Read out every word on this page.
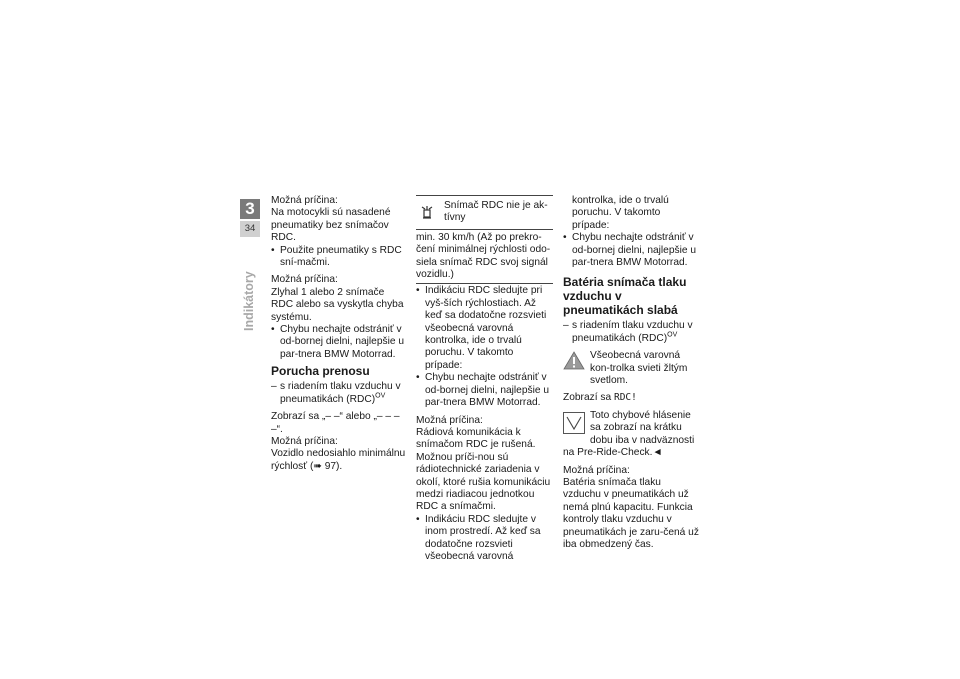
3
34
Indikátory

Možná príčina:

Na motocykli sú nasadené pneumatiky bez snímačov RDC.

• Použite pneumatiky s RDC sní-mačmi.

Možná príčina:

Zlyhal 1 alebo 2 snímače RDC alebo sa vyskytla chyba systému.

• Chybu nechajte odstrániť v od-bornej dielni, najlepšie u par-tnera BMW Motorrad.
Porucha prenosu
– s riadením tlaku vzduchu v pneumatikách (RDC)$^{OV}$

Zobrazí sa „– –“ alebo „– – – –“.

Možná príčina:

Vozidlo nedosiahlo minimálnu rýchlosť (➠ 97).

Snímač RDC nie je ak-tívny
min. 30 km/h (Až po prekro-čení minimálnej rýchlosti odo-siela snímač RDC svoj signál vozidlu.)
• Indikáciu RDC sledujte pri vyš-ších rýchlostiach. Až keď sa dodatočne rozsvieti všeobecná varovná kontrolka, ide o trvalú poruchu. V takomto prípade:
• Chybu nechajte odstrániť v od-bornej dielni, najlepšie u par-tnera BMW Motorrad.

Možná príčina:

Rádiová komunikácia k snímačom RDC je rušená. Možnou príči-nou sú rádiotechnické zariadenia v okolí, ktoré rušia komunikáciu medzi riadiacou jednotkou RDC a snímačmi.

• Indikáciu RDC sledujte v inom prostredí. Až keď sa dodatočne rozsvieti všeobecná varovná

kontrolka, ide o trvalú poruchu. V takomto prípade:

• Chybu nechajte odstrániť v od-bornej dielni, najlepšie u par-tnera BMW Motorrad.
Batéria snímača tlaku vzduchu v pneumatikách slabá
– s riadením tlaku vzduchu v pneumatikách (RDC)$^{OV}$
Všeobecná varovná kon-trolka svieti žltým svetlom.

Zobrazí sa RDC!

Toto chybové hlásenie sa zobrazí na krátku dobu iba v nadväznosti na Pre-Ride-Check.◄

Možná príčina:

Batéria snímača tlaku vzduchu v pneumatikách už nemá plnú kapacitu. Funkcia kontroly tlaku vzduchu v pneumatikách je zaru-čená už iba obmedzený čas.
